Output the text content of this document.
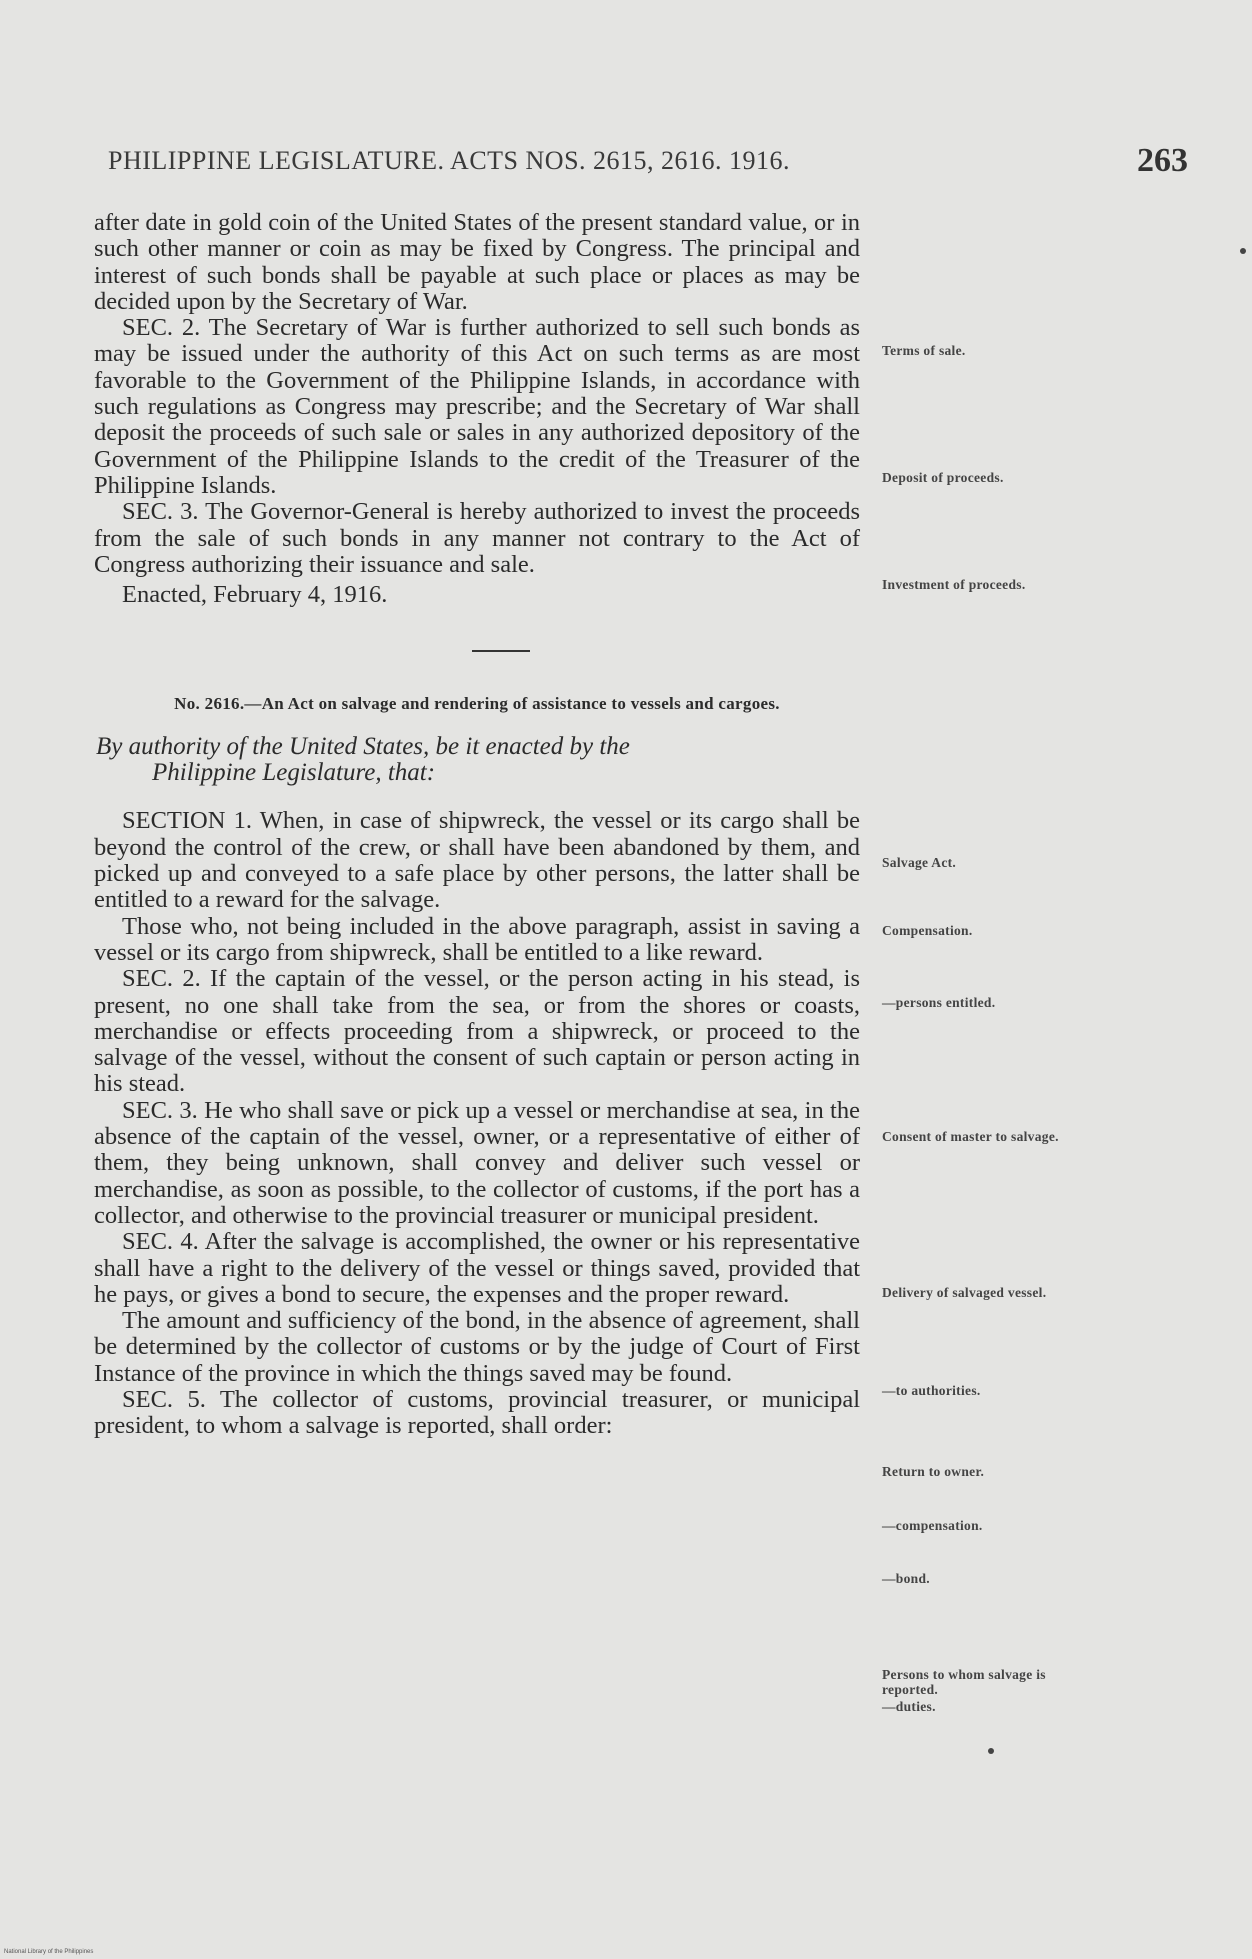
PHILIPPINE LEGISLATURE. ACTS NOS. 2615, 2616. 1916.	263

after date in gold coin of the United States of the present standard value, or in such other manner or coin as may be fixed by Congress. The principal and interest of such bonds shall be payable at such place or places as may be decided upon by the Secretary of War.

SEC. 2. The Secretary of War is further authorized to sell such bonds as may be issued under the authority of this Act on such terms as are most favorable to the Government of the Philippine Islands, in accordance with such regulations as Congress may prescribe; and the Secretary of War shall deposit the proceeds of such sale or sales in any authorized depository of the Government of the Philippine Islands to the credit of the Treasurer of the Philippine Islands.

SEC. 3. The Governor-General is hereby authorized to invest the proceeds from the sale of such bonds in any manner not contrary to the Act of Congress authorizing their issuance and sale.

Enacted, February 4, 1916.

No. 2616.—An Act on salvage and rendering of assistance to vessels and cargoes.

By authority of the United States, be it enacted by the
Philippine Legislature, that:

SECTION 1. When, in case of shipwreck, the vessel or its cargo shall be beyond the control of the crew, or shall have been abandoned by them, and picked up and conveyed to a safe place by other persons, the latter shall be entitled to a reward for the salvage.

Those who, not being included in the above paragraph, assist in saving a vessel or its cargo from shipwreck, shall be entitled to a like reward.

SEC. 2. If the captain of the vessel, or the person acting in his stead, is present, no one shall take from the sea, or from the shores or coasts, merchandise or effects proceeding from a shipwreck, or proceed to the salvage of the vessel, without the consent of such captain or person acting in his stead.

SEC. 3. He who shall save or pick up a vessel or merchandise at sea, in the absence of the captain of the vessel, owner, or a representative of either of them, they being unknown, shall convey and deliver such vessel or merchandise, as soon as possible, to the collector of customs, if the port has a collector, and otherwise to the provincial treasurer or municipal president.

SEC. 4. After the salvage is accomplished, the owner or his representative shall have a right to the delivery of the vessel or things saved, provided that he pays, or gives a bond to secure, the expenses and the proper reward.

The amount and sufficiency of the bond, in the absence of agreement, shall be determined by the collector of customs or by the judge of Court of First Instance of the province in which the things saved may be found.

SEC. 5. The collector of customs, provincial treasurer, or municipal president, to whom a salvage is reported, shall order:

Terms of sale.
Deposit of proceeds.
Investment of proceeds.
Salvage Act.
Compensation.
—persons entitled.
Consent of master to salvage.
Delivery of salvaged vessel.
—to authorities.
Return to owner.
—compensation.
—bond.
Persons to whom salvage is reported.
—duties.
National Library of the Philippines
